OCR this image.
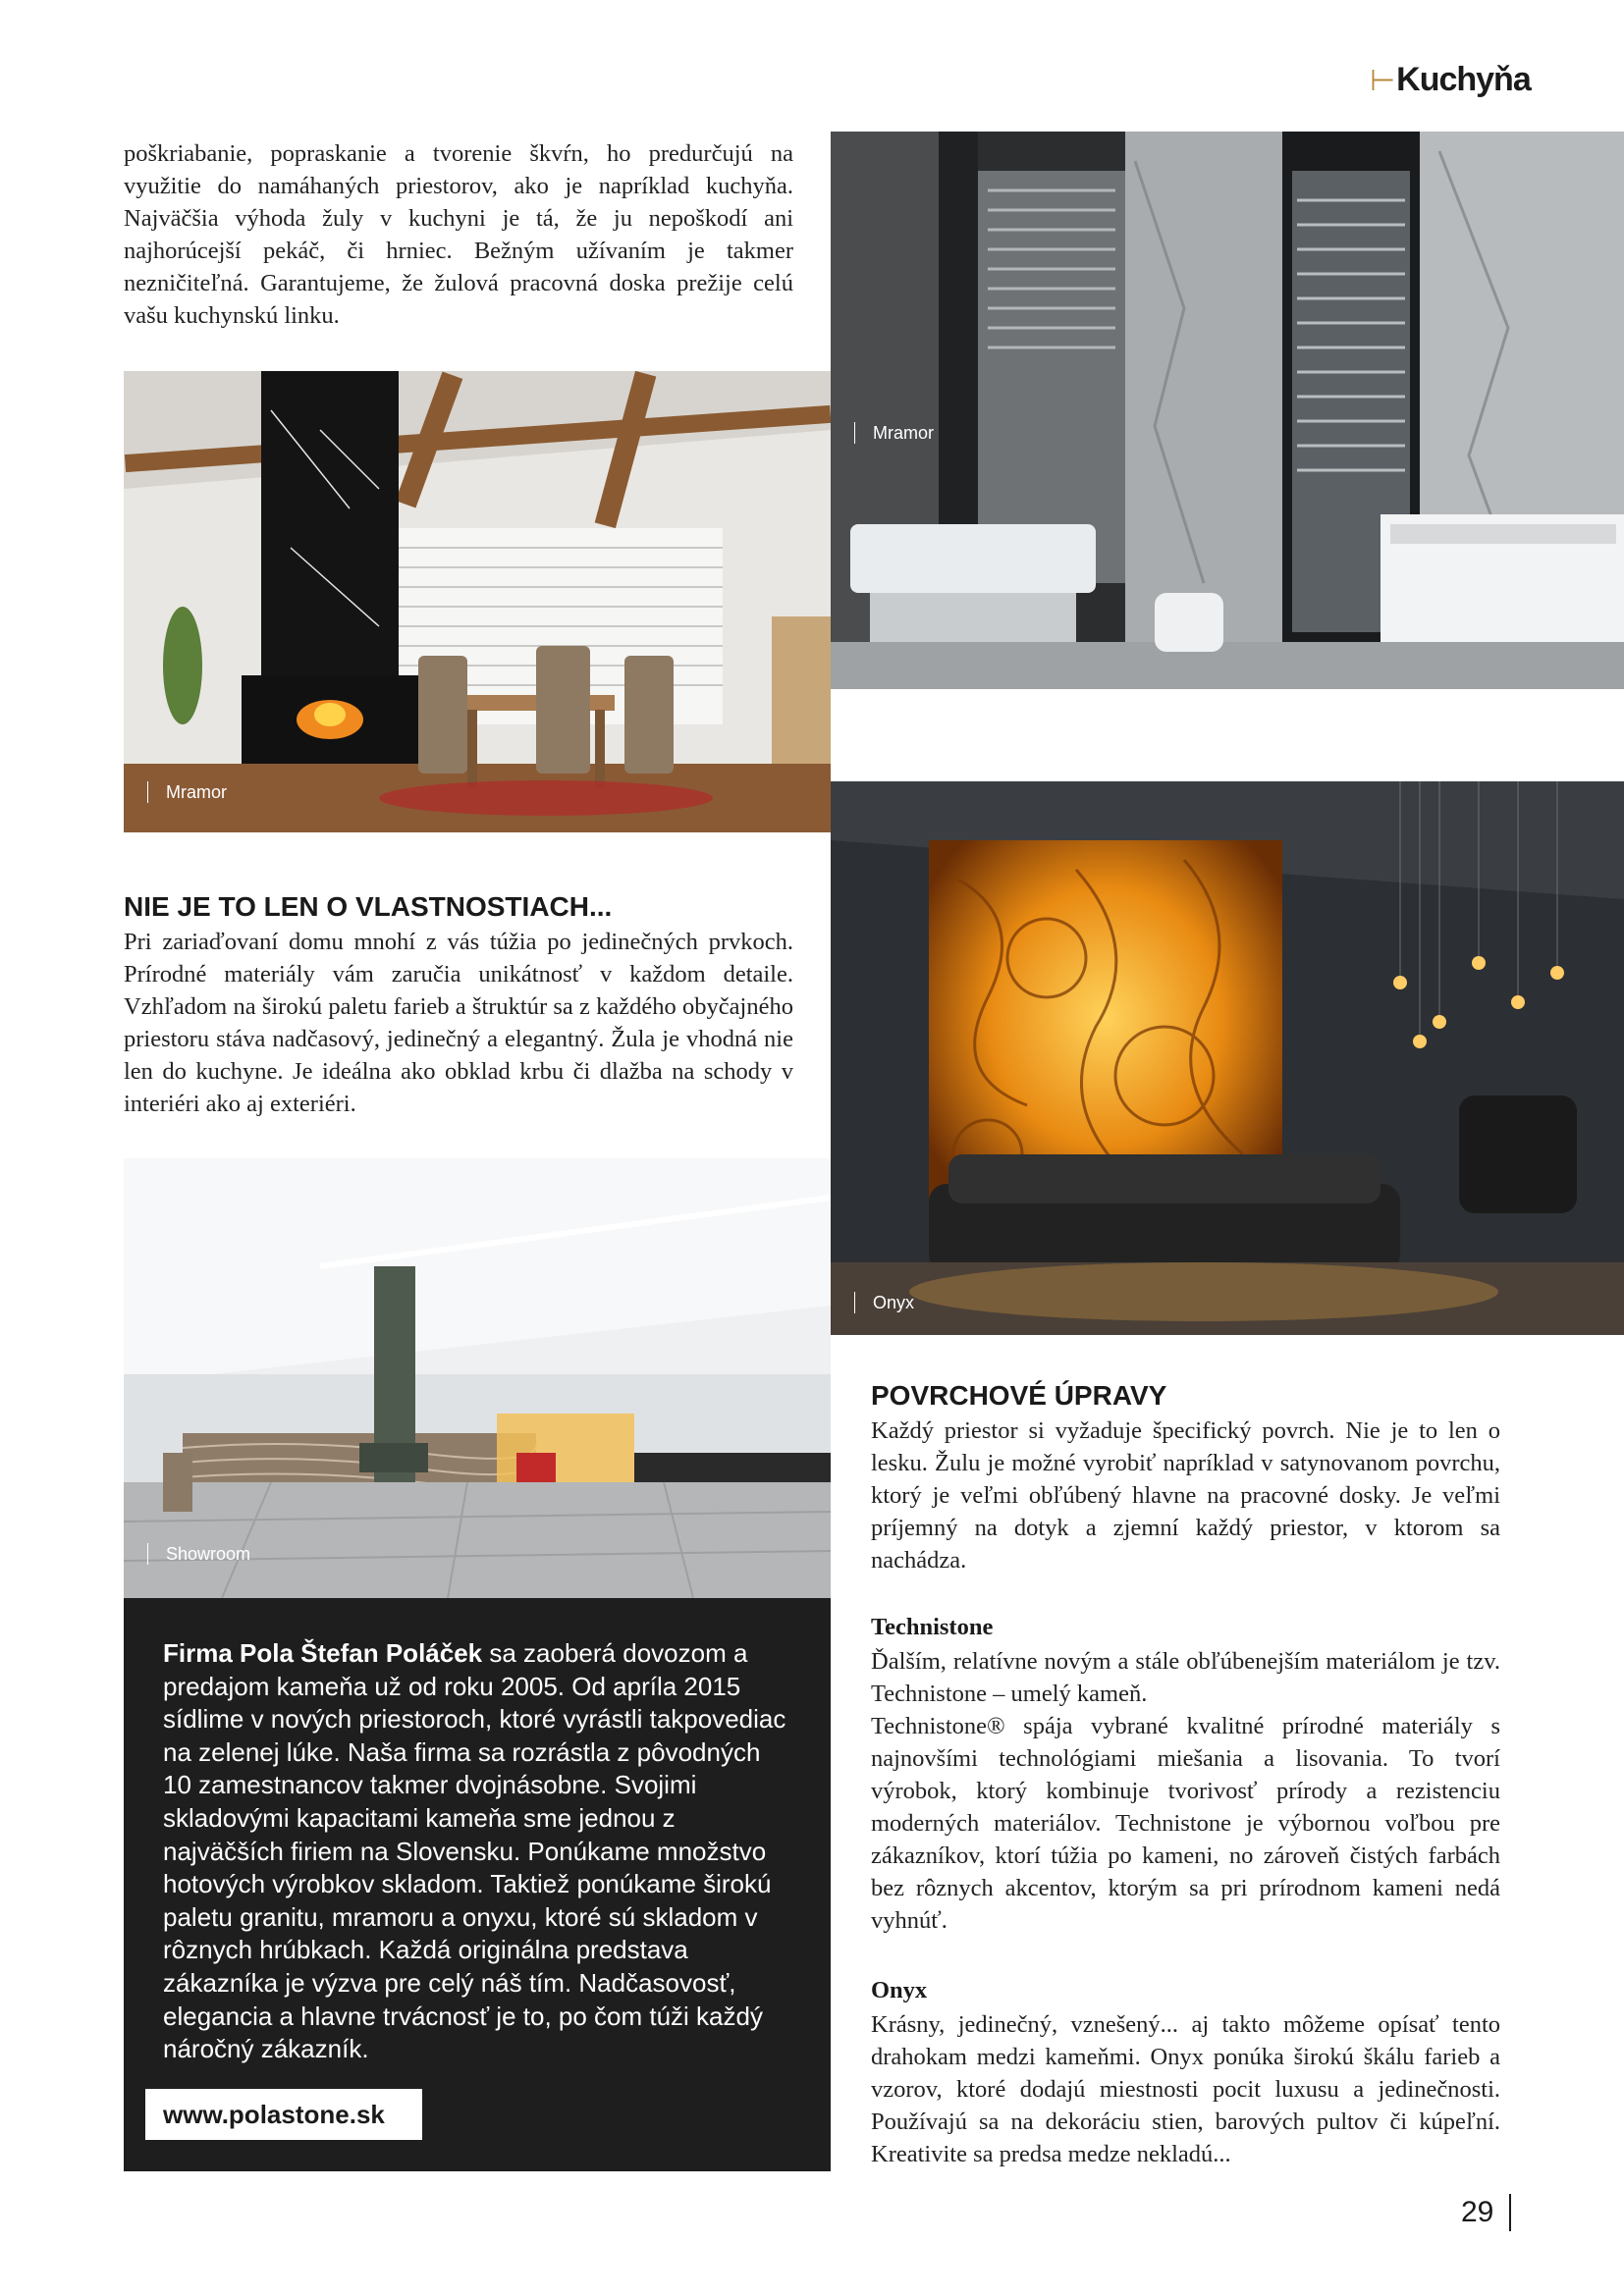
⊢Kuchyňa
poškriabanie, popraskanie a tvorenie škvŕn, ho predurčujú na využitie do namáhaných priestorov, ako je napríklad kuchyňa. Najväčšia výhoda žuly v kuchyni je tá, že ju nepoškodí ani najhorúcejší pekáč, či hrniec. Bežným užívaním je takmer nezničiteľná. Garantujeme, že žulová pracovná doska prežije celú vašu kuchynskú linku.
Mramor
Mramor
NIE JE TO LEN O VLASTNOSTIACH...
Pri zariaďovaní domu mnohí z vás túžia po jedinečných prvkoch. Prírodné materiály vám zaručia unikátnosť v každom detaile. Vzhľadom na širokú paletu farieb a štruktúr sa z každého obyčajného priestoru stáva nadčasový, jedinečný a elegantný. Žula je vhodná nie len do kuchyne. Je ideálna ako obklad krbu či dlažba na schody v interiéri ako aj exteriéri.
Onyx
Showroom
Firma Pola Štefan Poláček sa zaoberá dovozom a predajom kameňa už od roku 2005. Od apríla 2015 sídlime v nových priestoroch, ktoré vyrástli takpovediac na zelenej lúke. Naša firma sa rozrástla z pôvodných 10 zamestnancov takmer dvojnásobne. Svojimi skladovými kapacitami kameňa sme jednou z najväčších firiem na Slovensku. Ponúkame množstvo hotových výrobkov skladom. Taktiež ponúkame širokú paletu granitu, mramoru a onyxu, ktoré sú skladom v rôznych hrúbkach. Každá originálna predstava zákazníka je výzva pre celý náš tím. Nadčasovosť, elegancia a hlavne trvácnosť je to, po čom túži každý náročný zákazník.
www.polastone.sk
POVRCHOVÉ ÚPRAVY
Každý priestor si vyžaduje špecifický povrch. Nie je to len o lesku. Žulu je možné vyrobiť napríklad v satynovanom povrchu, ktorý je veľmi obľúbený hlavne na pracovné dosky. Je veľmi príjemný na dotyk a zjemní každý priestor, v ktorom sa nachádza.
Technistone
Ďalším, relatívne novým a stále obľúbenejším materiálom je tzv. Technistone – umelý kameň.
Technistone® spája vybrané kvalitné prírodné materiály s najnovšími technológiami miešania a lisovania. To tvorí výrobok, ktorý kombinuje tvorivosť prírody a rezistenciu moderných materiálov. Technistone je výbornou voľbou pre zákazníkov, ktorí túžia po kameni, no zároveň čistých farbách bez rôznych akcentov, ktorým sa pri prírodnom kameni nedá vyhnúť.
Onyx
Krásny, jedinečný, vznešený... aj takto môžeme opísať tento drahokam medzi kameňmi. Onyx ponúka širokú škálu farieb a vzorov, ktoré dodajú miestnosti pocit luxusu a jedinečnosti. Používajú sa na dekoráciu stien, barových pultov či kúpeľní. Kreativite sa predsa medze nekladú...
29
